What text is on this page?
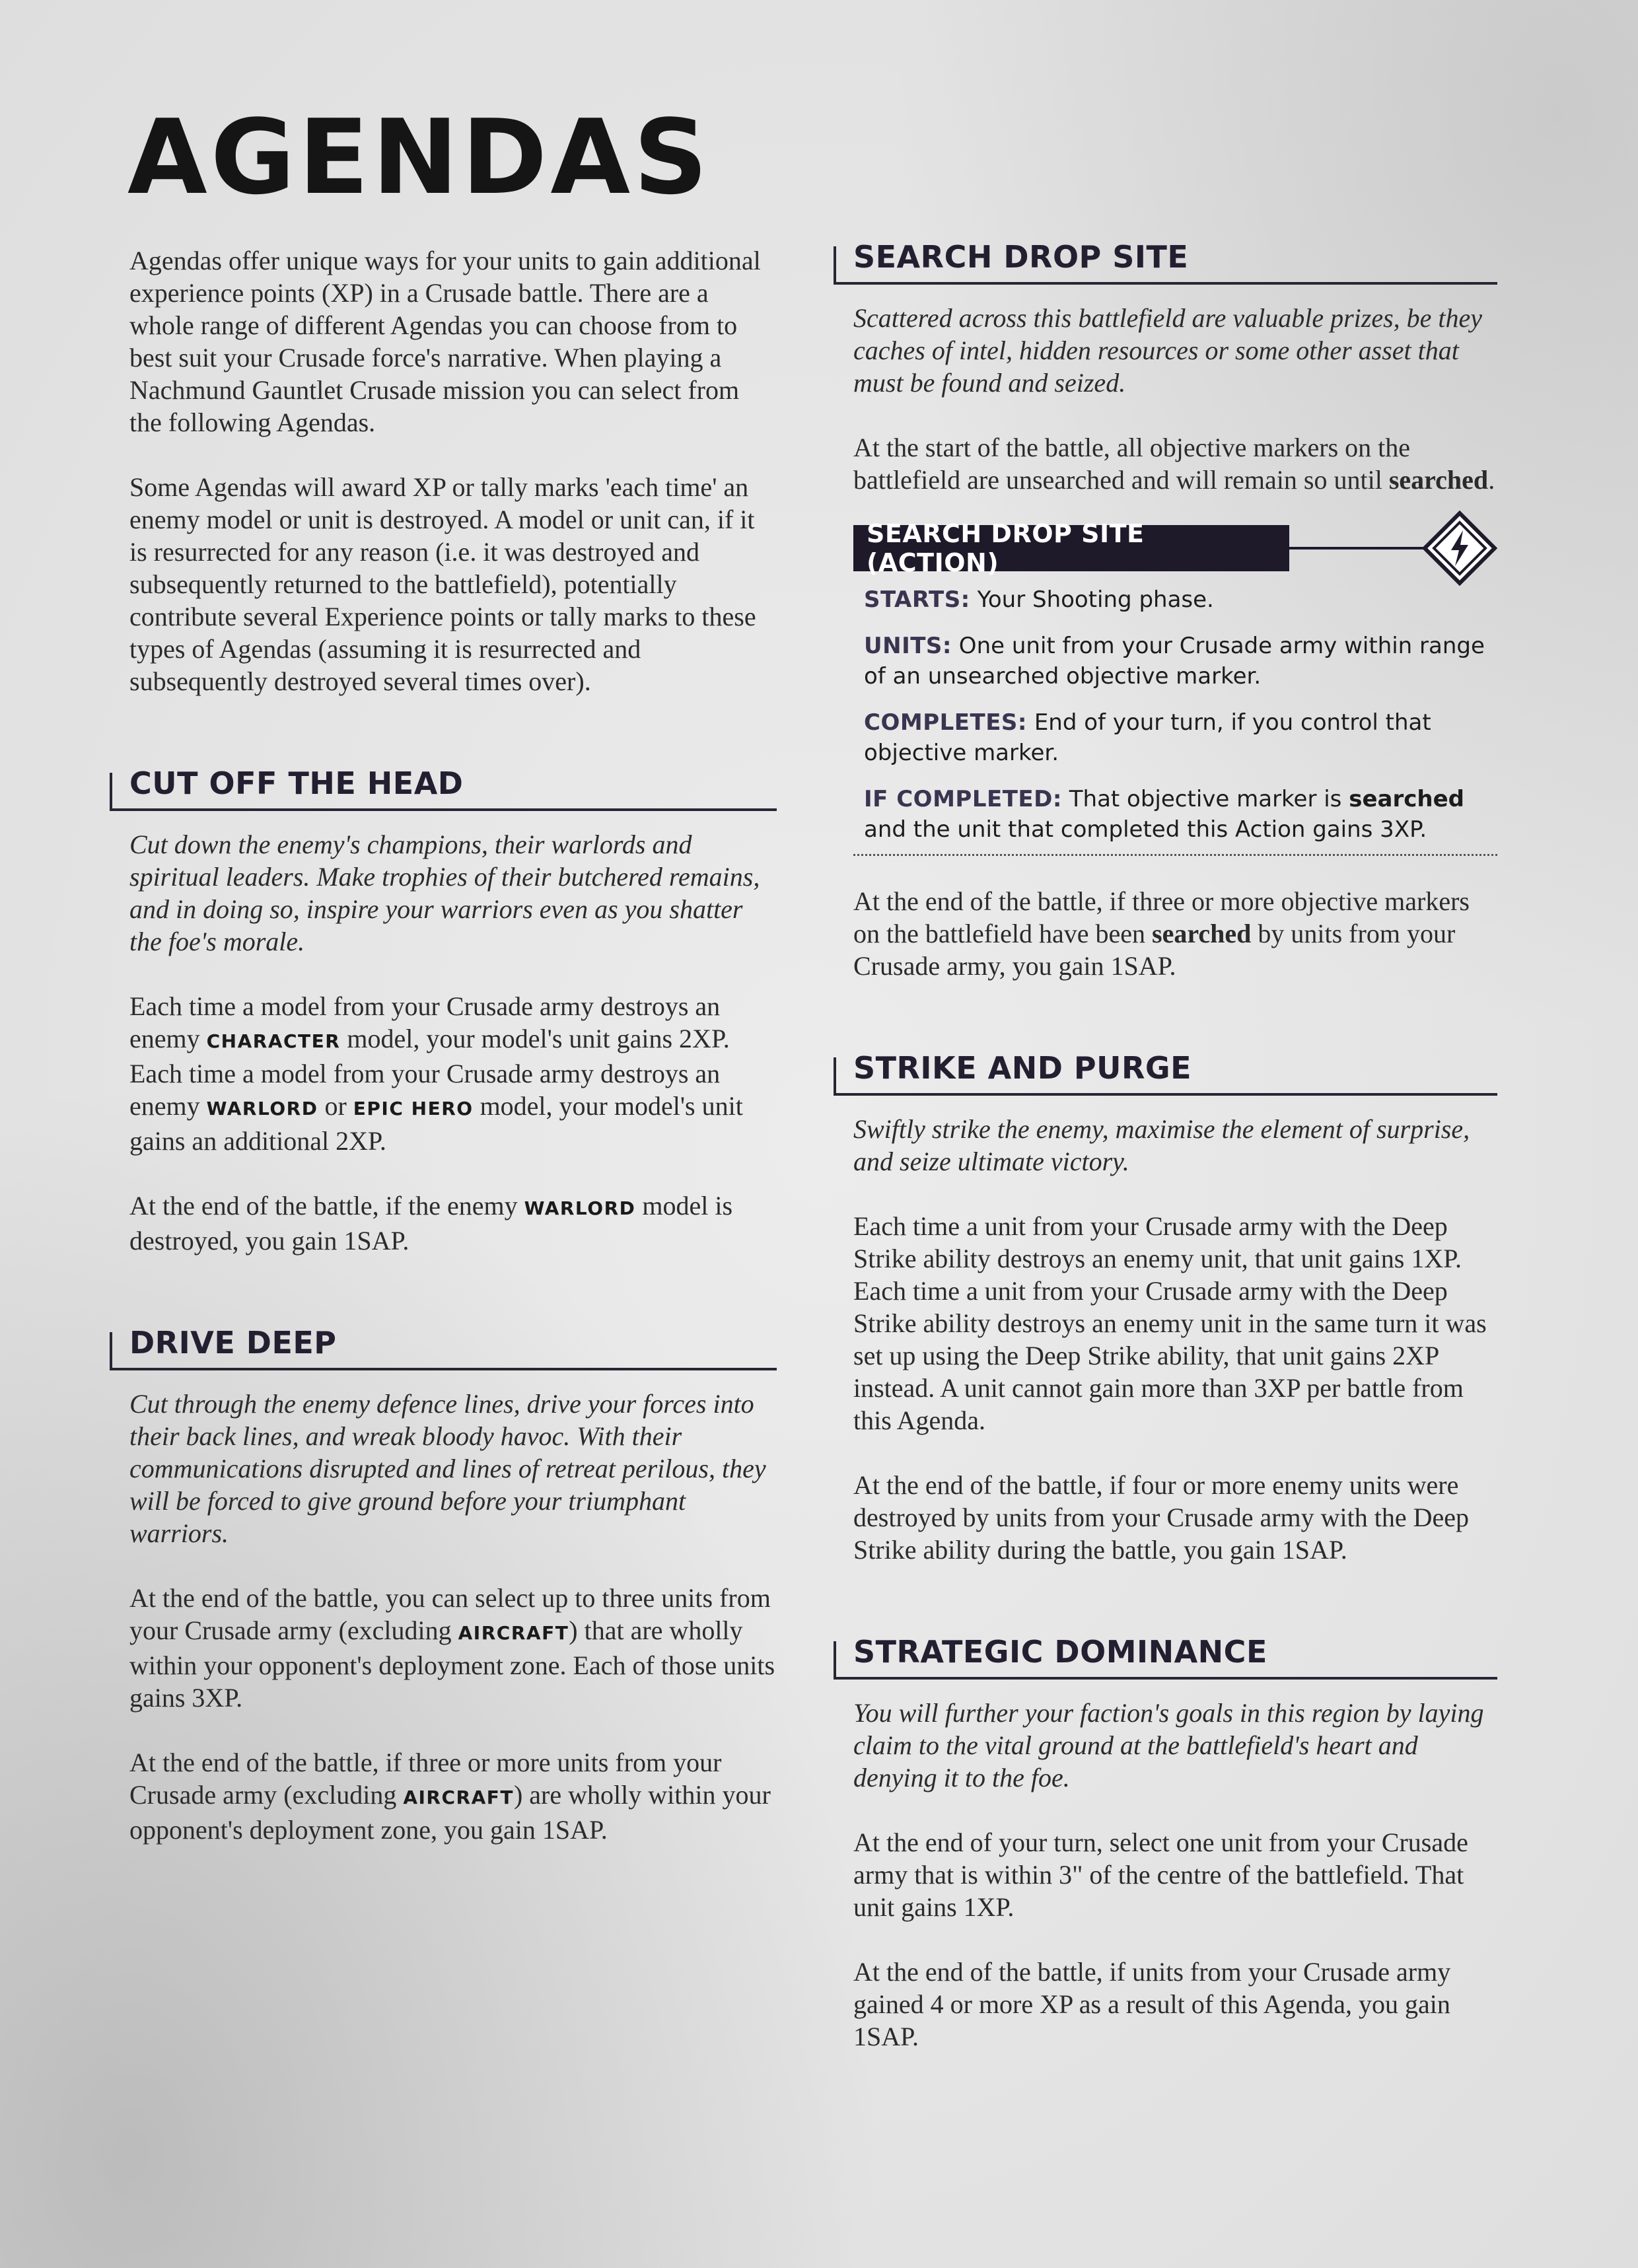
AGENDAS

Agendas offer unique ways for your units to gain additional experience points (XP) in a Crusade battle. There are a whole range of different Agendas you can choose from to best suit your Crusade force's narrative. When playing a Nachmund Gauntlet Crusade mission you can select from the following Agendas.

Some Agendas will award XP or tally marks 'each time' an enemy model or unit is destroyed. A model or unit can, if it is resurrected for any reason (i.e. it was destroyed and subsequently returned to the battlefield), potentially contribute several Experience points or tally marks to these types of Agendas (assuming it is resurrected and subsequently destroyed several times over).

CUT OFF THE HEAD

Cut down the enemy's champions, their warlords and spiritual leaders. Make trophies of their butchered remains, and in doing so, inspire your warriors even as you shatter the foe's morale.

Each time a model from your Crusade army destroys an enemy CHARACTER model, your model's unit gains 2XP. Each time a model from your Crusade army destroys an enemy WARLORD or EPIC HERO model, your model's unit gains an additional 2XP.

At the end of the battle, if the enemy WARLORD model is destroyed, you gain 1SAP.

DRIVE DEEP

Cut through the enemy defence lines, drive your forces into their back lines, and wreak bloody havoc. With their communications disrupted and lines of retreat perilous, they will be forced to give ground before your triumphant warriors.

At the end of the battle, you can select up to three units from your Crusade army (excluding AIRCRAFT) that are wholly within your opponent's deployment zone. Each of those units gains 3XP.

At the end of the battle, if three or more units from your Crusade army (excluding AIRCRAFT) are wholly within your opponent's deployment zone, you gain 1SAP.

SEARCH DROP SITE

Scattered across this battlefield are valuable prizes, be they caches of intel, hidden resources or some other asset that must be found and seized.

At the start of the battle, all objective markers on the battlefield are unsearched and will remain so until searched.

SEARCH DROP SITE (ACTION)

STARTS: Your Shooting phase.

UNITS: One unit from your Crusade army within range of an unsearched objective marker.

COMPLETES: End of your turn, if you control that objective marker.

IF COMPLETED: That objective marker is searched and the unit that completed this Action gains 3XP.

At the end of the battle, if three or more objective markers on the battlefield have been searched by units from your Crusade army, you gain 1SAP.

STRIKE AND PURGE

Swiftly strike the enemy, maximise the element of surprise, and seize ultimate victory.

Each time a unit from your Crusade army with the Deep Strike ability destroys an enemy unit, that unit gains 1XP. Each time a unit from your Crusade army with the Deep Strike ability destroys an enemy unit in the same turn it was set up using the Deep Strike ability, that unit gains 2XP instead. A unit cannot gain more than 3XP per battle from this Agenda.

At the end of the battle, if four or more enemy units were destroyed by units from your Crusade army with the Deep Strike ability during the battle, you gain 1SAP.

STRATEGIC DOMINANCE

You will further your faction's goals in this region by laying claim to the vital ground at the battlefield's heart and denying it to the foe.

At the end of your turn, select one unit from your Crusade army that is within 3" of the centre of the battlefield. That unit gains 1XP.

At the end of the battle, if units from your Crusade army gained 4 or more XP as a result of this Agenda, you gain 1SAP.
